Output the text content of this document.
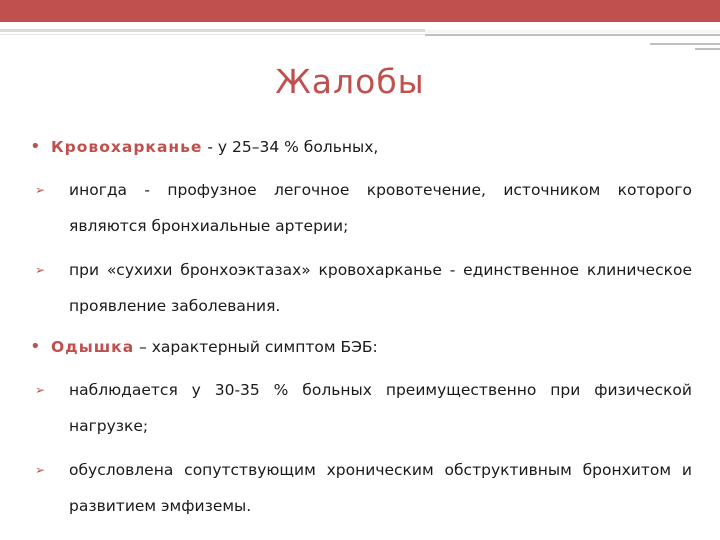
Жалобы
• Кровохарканье - у 25–34 % больных,
➢ иногда - профузное легочное кровотечение, источником которого являются бронхиальные артерии;
➢ при «сухихи бронхоэктазах» кровохарканье - единственное клиническое проявление заболевания.
• Одышка – характерный симптом БЭБ:
➢ наблюдается у 30-35 % больных преимущественно при физической нагрузке;
➢ обусловлена сопутствующим хроническим обструктивным бронхитом и развитием эмфиземы.
